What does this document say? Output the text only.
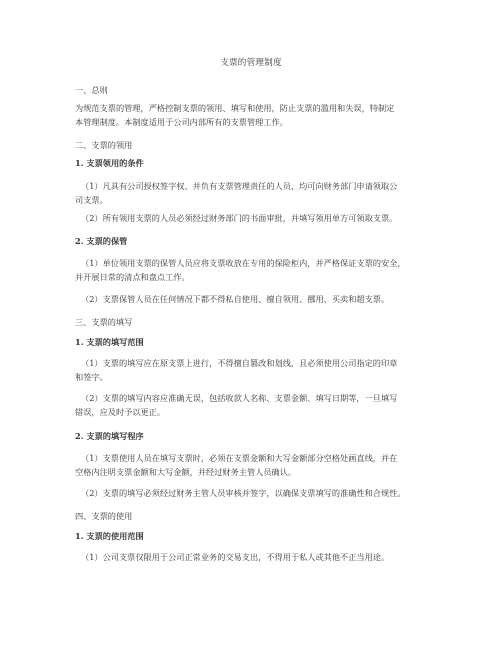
支票的管理制度
一、总则
为规范支票的管理，严格控制支票的领用、填写和使用，防止支票的滥用和失误，特制定
本管理制度。本制度适用于公司内部所有的支票管理工作。
二、支票的领用
1. 支票领用的条件
（1）凡具有公司授权签字权、并负有支票管理责任的人员，均可向财务部门申请领取公
司支票。
（2）所有领用支票的人员必须经过财务部门的书面审批，并填写领用单方可领取支票。
2. 支票的保管
（1）单位领用支票的保管人员应将支票收放在专用的保险柜内，并严格保证支票的安全，
并开展日常的清点和盘点工作。
（2）支票保管人员在任何情况下都不得私自使用、擅自领用、挪用、买卖和超支票。
三、支票的填写
1. 支票的填写范围
（1）支票的填写应在原支票上进行，不得擅自篡改和划线，且必须使用公司指定的印章
和签字。
（2）支票的填写内容应准确无误，包括收款人名称、支票金额、填写日期等，一旦填写
错误，应及时予以更正。
2. 支票的填写程序
（1）支票使用人员在填写支票时，必须在支票金额和大写金额部分空格处画直线，并在
空格内注明支票金额和大写金额，并经过财务主管人员确认。
（2）支票的填写必须经过财务主管人员审核并签字，以确保支票填写的准确性和合规性。
四、支票的使用
1. 支票的使用范围
（1）公司支票仅限用于公司正常业务的交易支出，不得用于私人或其他不正当用途。
